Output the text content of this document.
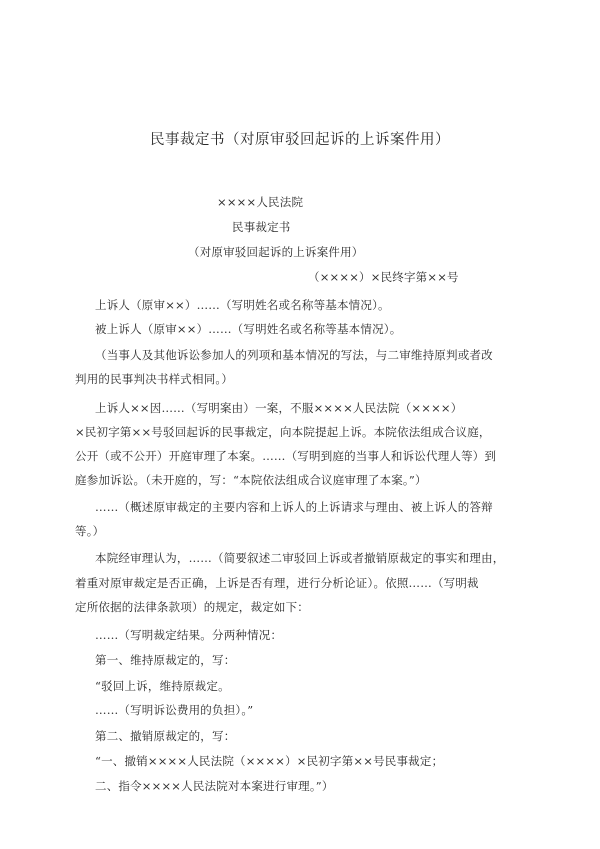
民事裁定书（对原审驳回起诉的上诉案件用）
××××人民法院
民事裁定书
（对原审驳回起诉的上诉案件用）
（××××）×民终字第××号
上诉人（原审××）……（写明姓名或名称等基本情况）。
被上诉人（原审××）……（写明姓名或名称等基本情况）。
（当事人及其他诉讼参加人的列项和基本情况的写法，与二审维持原判或者改
判用的民事判决书样式相同。）
上诉人××因……（写明案由）一案，不服××××人民法院（××××）
×民初字第××号驳回起诉的民事裁定，向本院提起上诉。本院依法组成合议庭，
公开（或不公开）开庭审理了本案。……（写明到庭的当事人和诉讼代理人等）到
庭参加诉讼。（未开庭的，写：“本院依法组成合议庭审理了本案。”）
……（概述原审裁定的主要内容和上诉人的上诉请求与理由、被上诉人的答辩
等。）
本院经审理认为，……（简要叙述二审驳回上诉或者撤销原裁定的事实和理由，
着重对原审裁定是否正确，上诉是否有理，进行分析论证）。依照……（写明裁
定所依据的法律条款项）的规定，裁定如下：
……（写明裁定结果。分两种情况：
第一、维持原裁定的，写：
“驳回上诉，维持原裁定。
……（写明诉讼费用的负担）。”
第二、撤销原裁定的，写：
“一、撤销××××人民法院（××××）×民初字第××号民事裁定；
二、指令××××人民法院对本案进行审理。”）
